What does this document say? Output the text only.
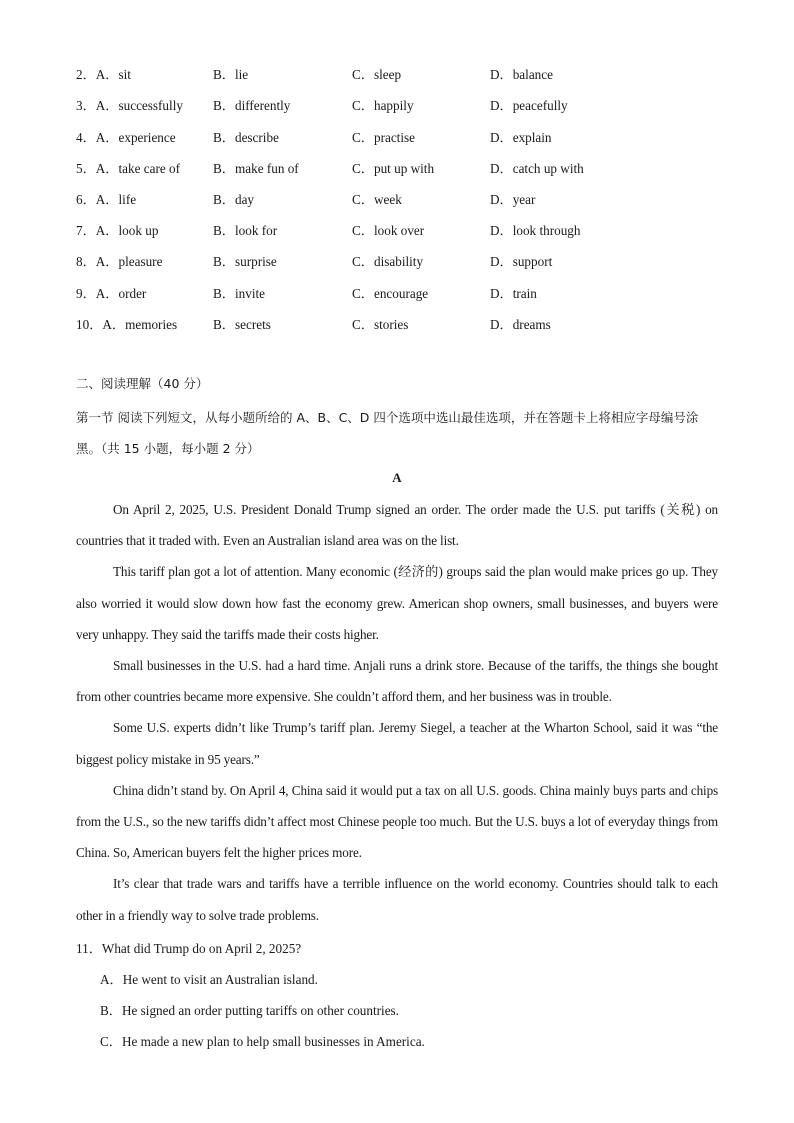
2．A．sit	B．lie	C．sleep	D．balance
3．A．successfully B．differently	C．happily	D．peacefully
4．A．experience	B．describe	C．practise	D．explain
5．A．take care of	B．make fun of	C．put up with	D．catch up with
6．A．life	B．day	C．week	D．year
7．A．look up	B．look for	C．look over	D．look through
8．A．pleasure	B．surprise	C．disability	D．support
9．A．order	B．invite	C．encourage	D．train
10．A．memories	B．secrets	C．stories	D．dreams
二、阅读理解（40 分）
第一节 阅读下列短文，从每小题所给的 A、B、C、D 四个选项中选山最佳选项，并在答题卡上将相应字母编号涂黑。（共 15 小题，每小题 2 分）
A

On April 2, 2025, U.S. President Donald Trump signed an order. The order made the U.S. put tariffs (关税) on countries that it traded with. Even an Australian island area was on the list.

This tariff plan got a lot of attention. Many economic (经济的) groups said the plan would make prices go up. They also worried it would slow down how fast the economy grew. American shop owners, small businesses, and buyers were very unhappy. They said the tariffs made their costs higher.

Small businesses in the U.S. had a hard time. Anjali runs a drink store. Because of the tariffs, the things she bought from other countries became more expensive. She couldn’t afford them, and her business was in trouble.

Some U.S. experts didn’t like Trump’s tariff plan. Jeremy Siegel, a teacher at the Wharton School, said it was “the biggest policy mistake in 95 years.”

China didn’t stand by. On April 4, China said it would put a tax on all U.S. goods. China mainly buys parts and chips from the U.S., so the new tariffs didn’t affect most Chinese people too much. But the U.S. buys a lot of everyday things from China. So, American buyers felt the higher prices more.

It’s clear that trade wars and tariffs have a terrible influence on the world economy. Countries should talk to each other in a friendly way to solve trade problems.

11．What did Trump do on April 2, 2025?
A．He went to visit an Australian island.
B．He signed an order putting tariffs on other countries.
C．He made a new plan to help small businesses in America.
